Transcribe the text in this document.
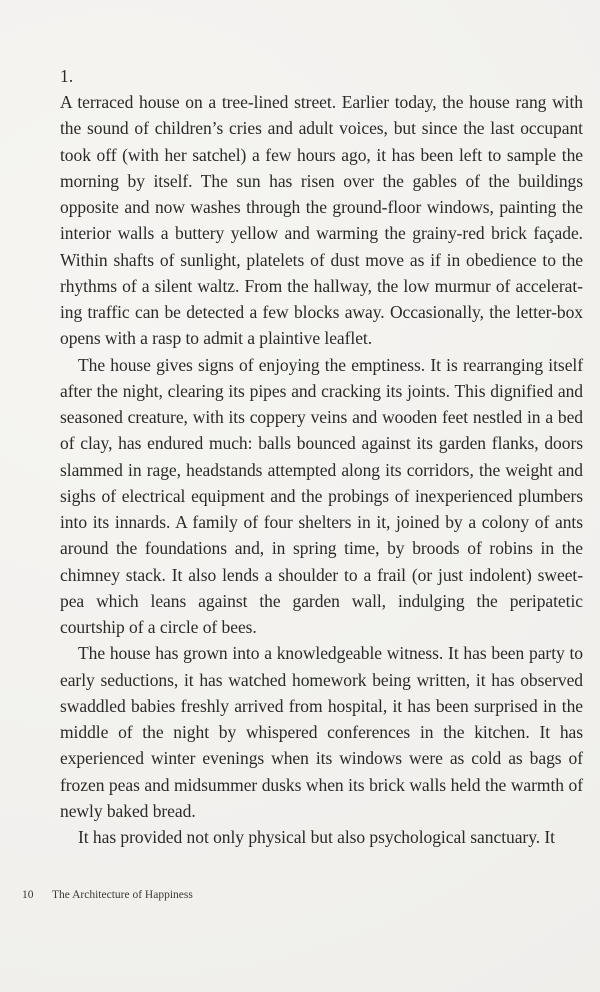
1.

A terraced house on a tree-lined street. Earlier today, the house rang with the sound of children’s cries and adult voices, but since the last occupant took off (with her satchel) a few hours ago, it has been left to sample the morning by itself. The sun has risen over the gables of the buildings opposite and now washes through the ground-floor windows, painting the interior walls a buttery yellow and warming the grainy-red brick façade. Within shafts of sunlight, platelets of dust move as if in obedience to the rhythms of a silent waltz. From the hallway, the low murmur of accelerating traffic can be detected a few blocks away. Occasionally, the letter-box opens with a rasp to admit a plaintive leaflet.

The house gives signs of enjoying the emptiness. It is rearranging itself after the night, clearing its pipes and cracking its joints. This dignified and seasoned creature, with its coppery veins and wooden feet nestled in a bed of clay, has endured much: balls bounced against its garden flanks, doors slammed in rage, headstands attempted along its corridors, the weight and sighs of electrical equipment and the probings of inexperienced plumbers into its innards. A family of four shelters in it, joined by a colony of ants around the foundations and, in spring time, by broods of robins in the chimney stack. It also lends a shoulder to a frail (or just indolent) sweet-pea which leans against the garden wall, indulging the peripatetic courtship of a circle of bees.

The house has grown into a knowledgeable witness. It has been party to early seductions, it has watched homework being written, it has observed swaddled babies freshly arrived from hospital, it has been surprised in the middle of the night by whispered conferences in the kitchen. It has experienced winter evenings when its windows were as cold as bags of frozen peas and midsummer dusks when its brick walls held the warmth of newly baked bread.

It has provided not only physical but also psychological sanctuary. It

10 The Architecture of Happiness
